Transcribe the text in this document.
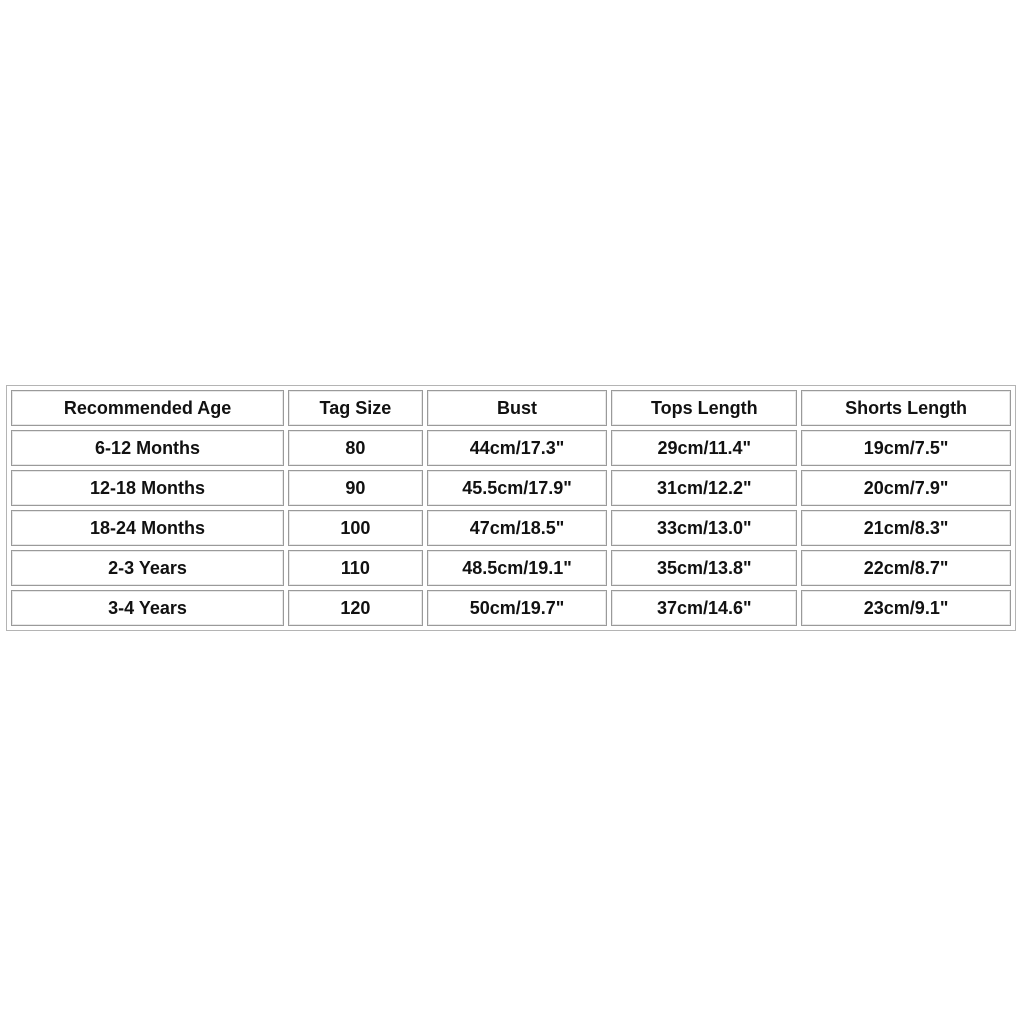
Recommended Age	Tag Size	Bust	Tops Length	Shorts Length
6-12 Months	80	44cm/17.3"	29cm/11.4"	19cm/7.5"
12-18 Months	90	45.5cm/17.9"	31cm/12.2"	20cm/7.9"
18-24 Months	100	47cm/18.5"	33cm/13.0"	21cm/8.3"
2-3 Years	110	48.5cm/19.1"	35cm/13.8"	22cm/8.7"
3-4 Years	120	50cm/19.7"	37cm/14.6"	23cm/9.1"
